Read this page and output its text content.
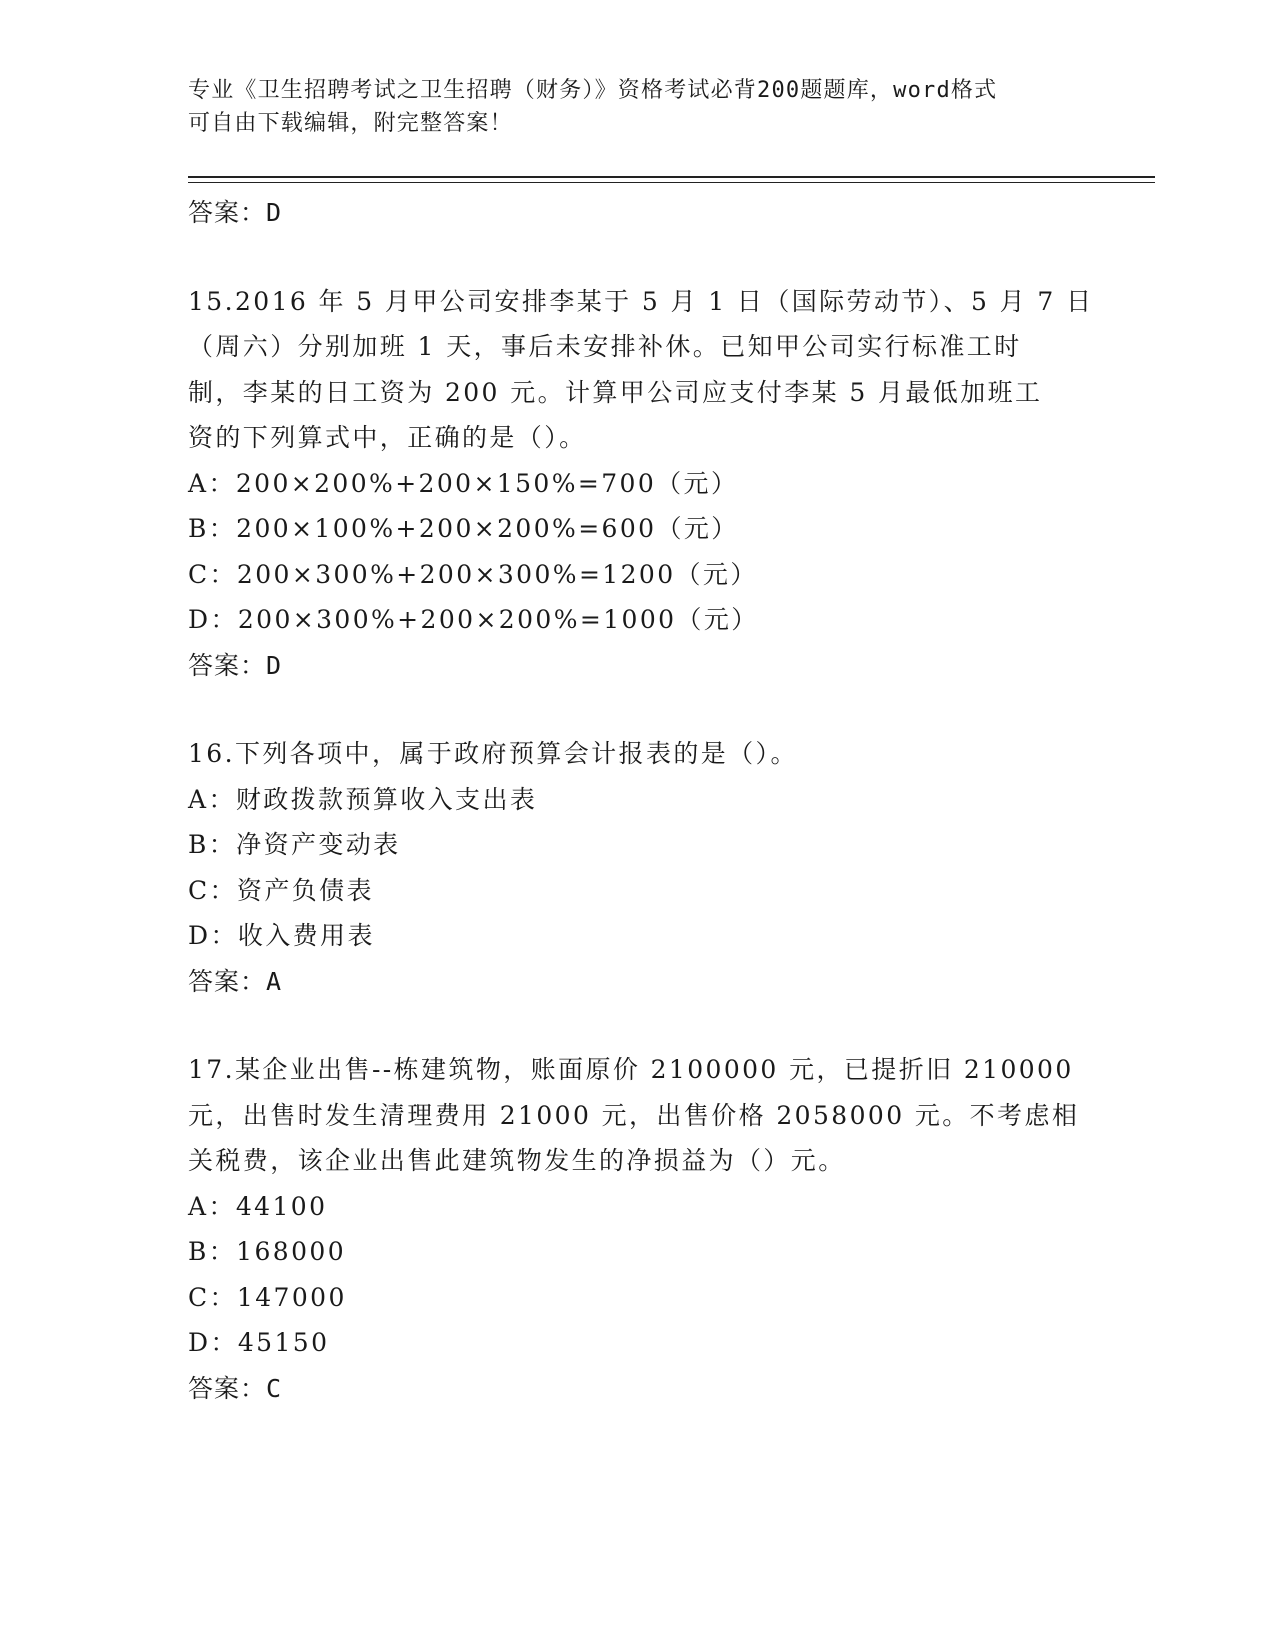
专业《卫生招聘考试之卫生招聘（财务）》资格考试必背200题题库，word格式
可自由下载编辑，附完整答案！
答案：D
15.2016 年 5 月甲公司安排李某于 5 月 1 日（国际劳动节）、5 月 7 日
（周六）分别加班 1 天，事后未安排补休。已知甲公司实行标准工时
制，李某的日工资为 200 元。计算甲公司应支付李某 5 月最低加班工
资的下列算式中，正确的是（）。
A：200×200%+200×150%=700（元）
B：200×100%+200×200%=600（元）
C：200×300%+200×300%=1200（元）
D：200×300%+200×200%=1000（元）
答案：D
16.下列各项中，属于政府预算会计报表的是（）。
A：财政拨款预算收入支出表
B：净资产变动表
C：资产负债表
D：收入费用表
答案：A
17.某企业出售--栋建筑物，账面原价 2100000 元，已提折旧 210000
元，出售时发生清理费用 21000 元，出售价格 2058000 元。不考虑相
关税费，该企业出售此建筑物发生的净损益为（）元。
A：44100
B：168000
C：147000
D：45150
答案：C
